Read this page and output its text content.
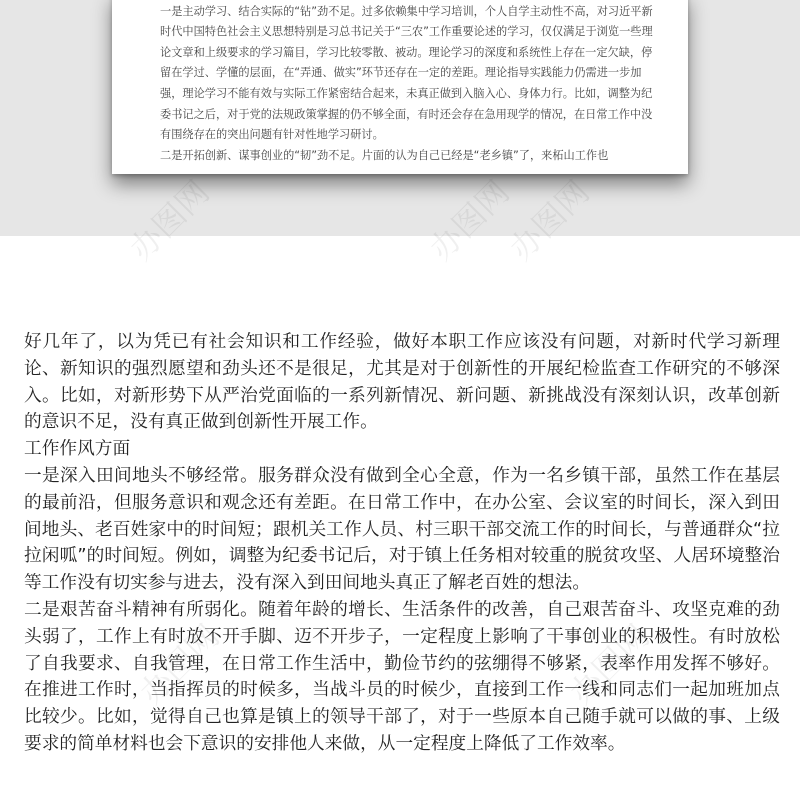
一是主动学习、结合实际的“钻”劲不足。过多依赖集中学习培训，个人自学主动性不高，对习近平新时代中国特色社会主义思想特别是习总书记关于“三农”工作重要论述的学习，仅仅满足于浏览一些理论文章和上级要求的学习篇目，学习比较零散、被动。理论学习的深度和系统性上存在一定欠缺，停留在学过、学懂的层面，在“弄通、做实”环节还存在一定的差距。理论指导实践能力仍需进一步加强，理论学习不能有效与实际工作紧密结合起来，未真正做到入脑入心、身体力行。比如，调整为纪委书记之后，对于党的法规政策掌握的仍不够全面，有时还会存在急用现学的情况，在日常工作中没有围绕存在的突出问题有针对性地学习研讨。

二是开拓创新、谋事创业的“韧”劲不足。片面的认为自己已经是“老乡镇”了，来柘山工作也

办图网	办图网

好几年了，以为凭已有社会知识和工作经验，做好本职工作应该没有问题，对新时代学习新理论、新知识的强烈愿望和劲头还不是很足，尤其是对于创新性的开展纪检监查工作研究的不够深入。比如，对新形势下从严治党面临的一系列新情况、新问题、新挑战没有深刻认识，改革创新的意识不足，没有真正做到创新性开展工作。

工作作风方面

一是深入田间地头不够经常。服务群众没有做到全心全意，作为一名乡镇干部，虽然工作在基层的最前沿，但服务意识和观念还有差距。在日常工作中，在办公室、会议室的时间长，深入到田间地头、老百姓家中的时间短；跟机关工作人员、村三职干部交流工作的时间长，与普通群众“拉拉闲呱”的时间短。例如，调整为纪委书记后，对于镇上任务相对较重的脱贫攻坚、人居环境整治等工作没有切实参与进去，没有深入到田间地头真正了解老百姓的想法。

二是艰苦奋斗精神有所弱化。随着年龄的增长、生活条件的改善，自己艰苦奋斗、攻坚克难的劲头弱了，工作上有时放不开手脚、迈不开步子，一定程度上影响了干事创业的积极性。有时放松了自我要求、自我管理，在日常工作生活中，勤俭节约的弦绷得不够紧，表率作用发挥不够好。在推进工作时，当指挥员的时候多，当战斗员的时候少，直接到工作一线和同志们一起加班加点比较少。比如，觉得自己也算是镇上的领导干部了，对于一些原本自己随手就可以做的事、上级要求的简单材料也会下意识的安排他人来做，从一定程度上降低了工作效率。
